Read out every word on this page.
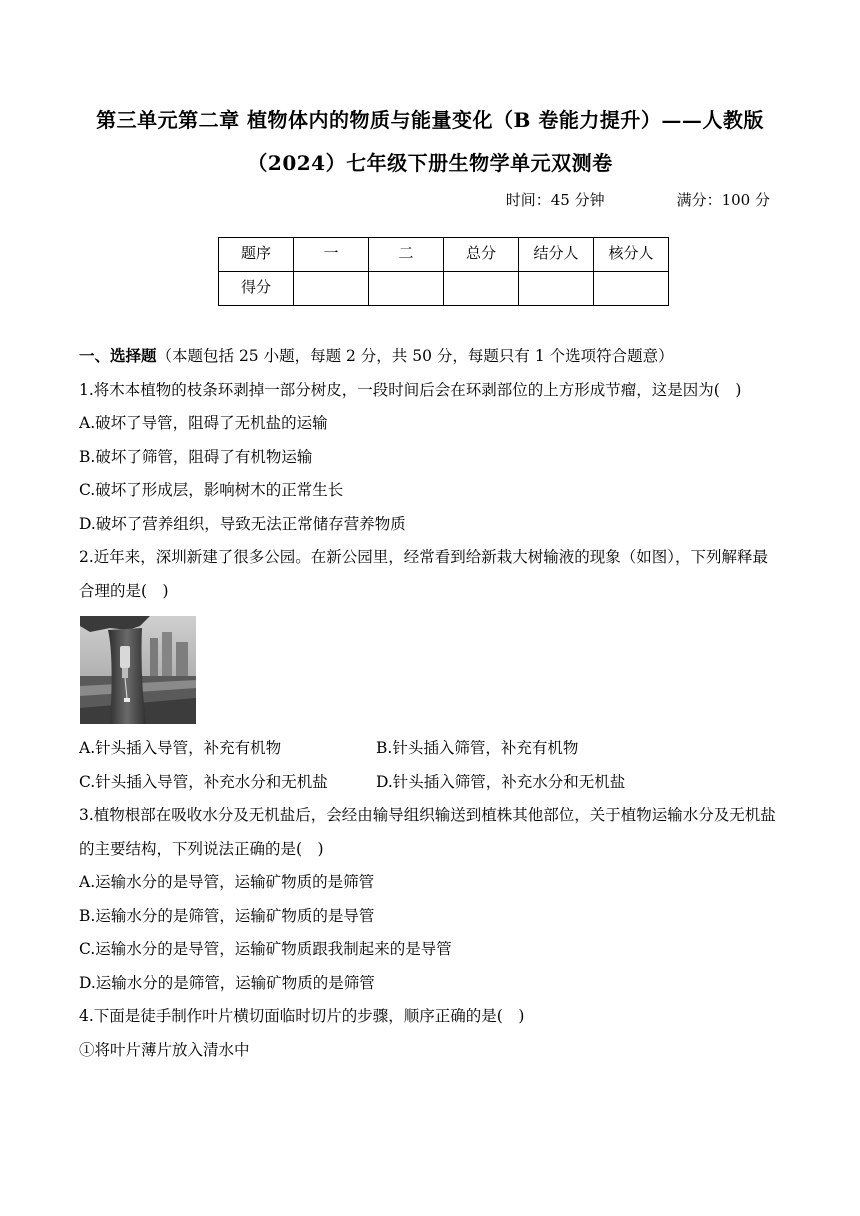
第三单元第二章 植物体内的物质与能量变化（B 卷能力提升）——人教版
（2024）七年级下册生物学单元双测卷
时间：45 分钟	满分：100 分
题序	一	二	总分	结分人	核分人
得分					

一、选择题（本题包括 25 小题，每题 2 分，共 50 分，每题只有 1 个选项符合题意）

1.将木本植物的枝条环剥掉一部分树皮，一段时间后会在环剥部位的上方形成节瘤，这是因为(　)

A.破坏了导管，阻碍了无机盐的运输

B.破坏了筛管，阻碍了有机物运输

C.破坏了形成层，影响树木的正常生长

D.破坏了营养组织，导致无法正常储存营养物质

2.近年来，深圳新建了很多公园。在新公园里，经常看到给新栽大树输液的现象（如图），下列解释最合理的是(　)

A.针头插入导管，补充有机物	B.针头插入筛管，补充有机物

C.针头插入导管，补充水分和无机盐	D.针头插入筛管，补充水分和无机盐

3.植物根部在吸收水分及无机盐后，会经由输导组织输送到植株其他部位，关于植物运输水分及无机盐的主要结构，下列说法正确的是(　)

A.运输水分的是导管，运输矿物质的是筛管

B.运输水分的是筛管，运输矿物质的是导管

C.运输水分的是导管，运输矿物质跟我制起来的是导管

D.运输水分的是筛管，运输矿物质的是筛管

4.下面是徒手制作叶片横切面临时切片的步骤，顺序正确的是(　)

①将叶片薄片放入清水中
